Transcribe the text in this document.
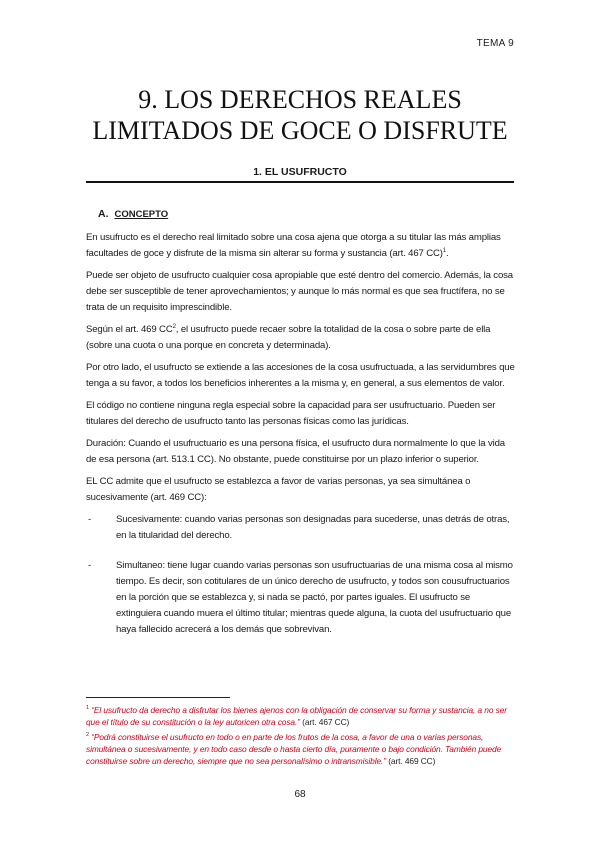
TEMA 9
9. LOS DERECHOS REALES
LIMITADOS DE GOCE O DISFRUTE
1. EL USUFRUCTO
A. CONCEPTO

En usufructo es el derecho real limitado sobre una cosa ajena que otorga a su titular las más amplias facultades de goce y disfrute de la misma sin alterar su forma y sustancia (art. 467 CC)$^1$.

Puede ser objeto de usufructo cualquier cosa apropiable que esté dentro del comercio. Además, la cosa debe ser susceptible de tener aprovechamientos; y aunque lo más normal es que sea fructífera, no se trata de un requisito imprescindible.

Según el art. 469 $CC^2$, el usufructo puede recaer sobre la totalidad de la cosa o sobre parte de ella (sobre una cuota o una porque en concreta y determinada).

Por otro lado, el usufructo se extiende a las accesiones de la cosa usufructuada, a las servidumbres que tenga a su favor, a todos los beneficios inherentes a la misma y, en general, a sus elementos de valor.

El código no contiene ninguna regla especial sobre la capacidad para ser usufructuario. Pueden ser titulares del derecho de usufructo tanto las personas físicas como las jurídicas.

Duración: Cuando el usufructuario es una persona física, el usufructo dura normalmente lo que la vida de esa persona (art. 513.1 CC). No obstante, puede constituirse por un plazo inferior o superior.

EL CC admite que el usufructo se establezca a favor de varias personas, ya sea simultánea o sucesivamente (art. 469 CC):

-	Sucesivamente: cuando varias personas son designadas para sucederse, unas detrás de otras, en la titularidad del derecho.
-	Simultaneo: tiene lugar cuando varias personas son usufructuarias de una misma cosa al mismo tiempo. Es decir, son cotitulares de un único derecho de usufructo, y todos son cousufructuarios en la porción que se establezca y, si nada se pactó, por partes iguales. El usufructo se extinguiera cuando muera el último titular; mientras quede alguna, la cuota del usufructuario que haya fallecido acrecerá a los demás que sobrevivan.

$^1$ “El usufructo da derecho a disfrutar los bienes ajenos con la obligación de conservar su forma y sustancia, a no ser que el título de su constitución o la ley autoricen otra cosa.” (art. 467 CC)

$^2$ “Podrá constituirse el usufructo en todo o en parte de los frutos de la cosa, a favor de una o varias personas, simultánea o sucesivamente, y en todo caso desde o hasta cierto día, puramente o bajo condición. También puede constituirse sobre un derecho, siempre que no sea personalísimo o intransmisible.” (art. 469 CC)

68
